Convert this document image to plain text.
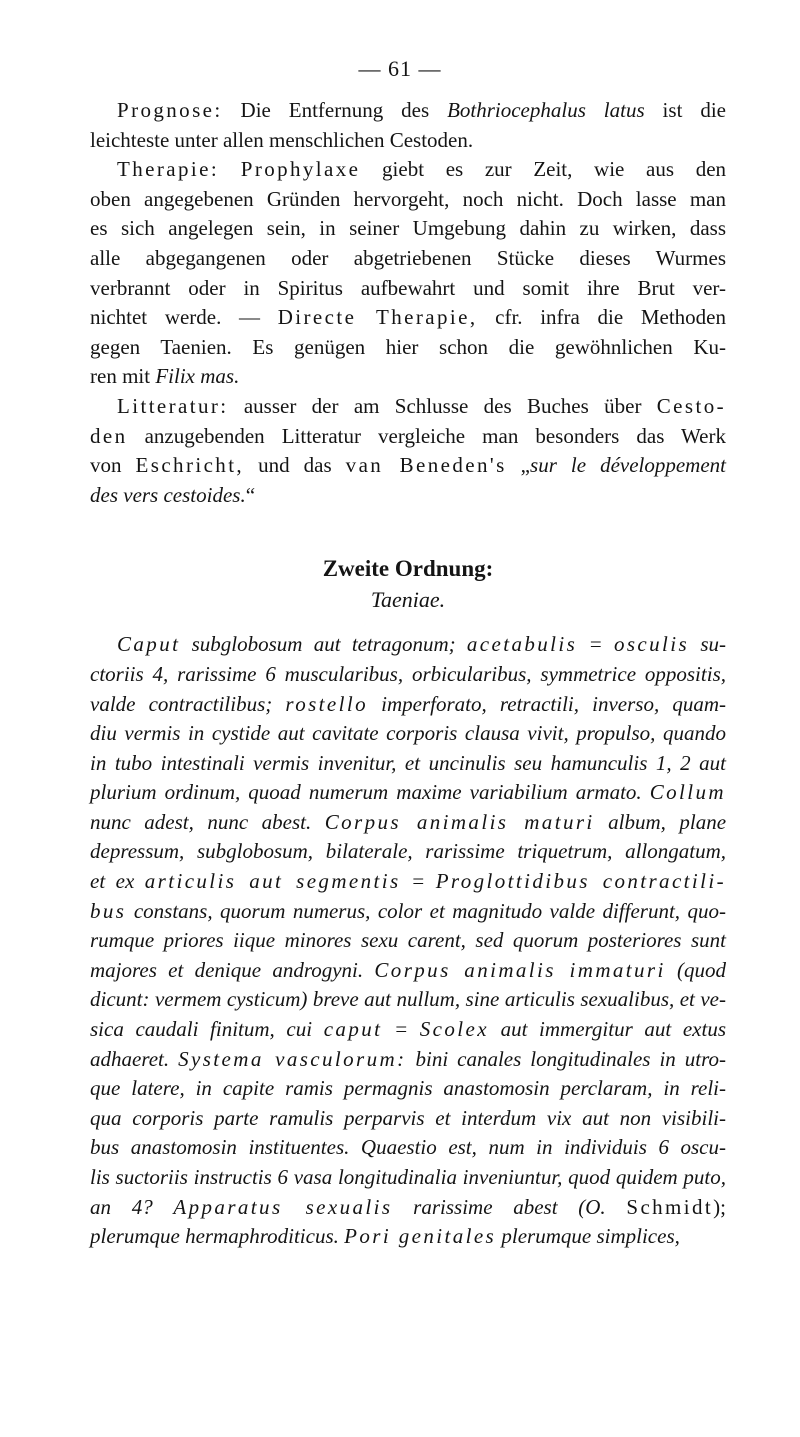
— 61 —
Prognose: Die Entfernung des Bothriocephalus latus ist die
leichteste unter allen menschlichen Cestoden.
Therapie: Prophylaxe giebt es zur Zeit, wie aus den
oben angegebenen Gründen hervorgeht, noch nicht. Doch lasse man
es sich angelegen sein, in seiner Umgebung dahin zu wirken, dass
alle abgegangenen oder abgetriebenen Stücke dieses Wurmes
verbrannt oder in Spiritus aufbewahrt und somit ihre Brut ver-
nichtet werde. — Directe Therapie, cfr. infra die Methoden
gegen Taenien. Es genügen hier schon die gewöhnlichen Ku-
ren mit Filix mas.
Litteratur: ausser der am Schlusse des Buches über Cesto-
den anzugebenden Litteratur vergleiche man besonders das Werk
von Eschricht, und das van Beneden's „sur le développement
des vers cestoides.“
Zweite Ordnung:
Taeniae.
Caput subglobosum aut tetragonum; acetabulis = osculis su-
ctoriis 4, rarissime 6 muscularibus, orbicularibus, symmetrice oppositis,
valde contractilibus; rostello imperforato, retractili, inverso, quam-
diu vermis in cystide aut cavitate corporis clausa vivit, propulso, quando
in tubo intestinali vermis invenitur, et uncinulis seu hamunculis 1, 2 aut
plurium ordinum, quoad numerum maxime variabilium armato. Collum
nunc adest, nunc abest. Corpus animalis maturi album, plane
depressum, subglobosum, bilaterale, rarissime triquetrum, allongatum,
et ex articulis aut segmentis = Proglottidibus contractili-
bus constans, quorum numerus, color et magnitudo valde differunt, quo-
rumque priores iique minores sexu carent, sed quorum posteriores sunt
majores et denique androgyni. Corpus animalis immaturi (quod
dicunt: vermem cysticum) breve aut nullum, sine articulis sexualibus, et ve-
sica caudali finitum, cui caput = Scolex aut immergitur aut extus
adhaeret. Systema vasculorum: bini canales longitudinales in utro-
que latere, in capite ramis permagnis anastomosin perclaram, in reli-
qua corporis parte ramulis perparvis et interdum vix aut non visibili-
bus anastomosin instituentes. Quaestio est, num in individuis 6 oscu-
lis suctoriis instructis 6 vasa longitudinalia inveniuntur, quod quidem puto,
an 4? Apparatus sexualis rarissime abest (O. Schmidt);
plerumque hermaphroditicus. Pori genitales plerumque simplices,
